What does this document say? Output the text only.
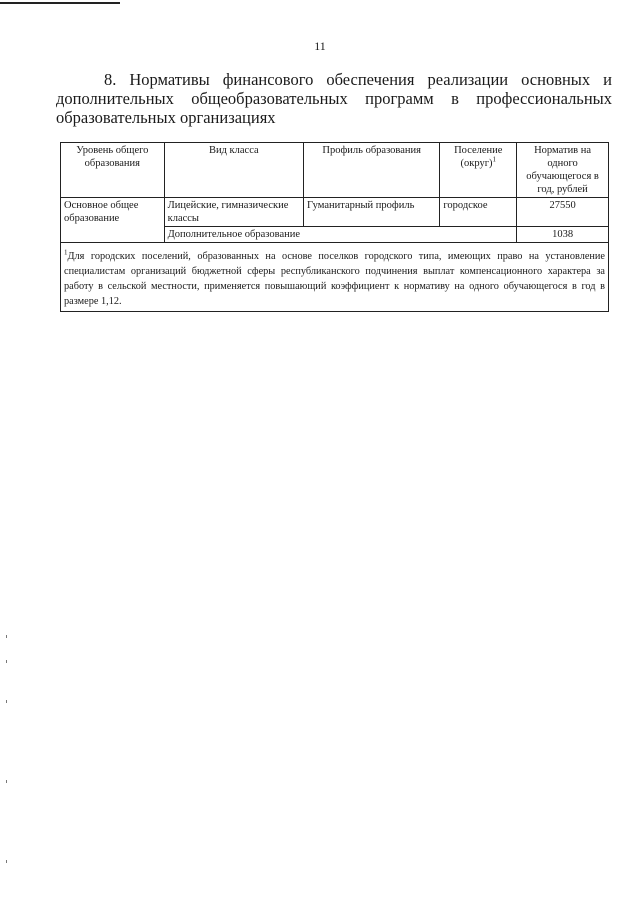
11
8. Нормативы финансового обеспечения реализации основных и дополнительных общеобразовательных программ в профессиональных образовательных организациях
Уровень общего образования	Вид класса	Профиль образования	Поселение (округ)$^1$	Норматив на одного обучающегося в год, рублей
Основное общее образование	Лицейские, гимназические классы	Гуманитарный профиль	городское	27550
	Дополнительное образование			1038
$^1$Для городских поселений, образованных на основе поселков городского типа, имеющих право на установление специалистам организаций бюджетной сферы республиканского подчинения выплат компенсационного характера за работу в сельской местности, применяется повышающий коэффициент к нормативу на одного обучающегося в год в размере 1,12.				
